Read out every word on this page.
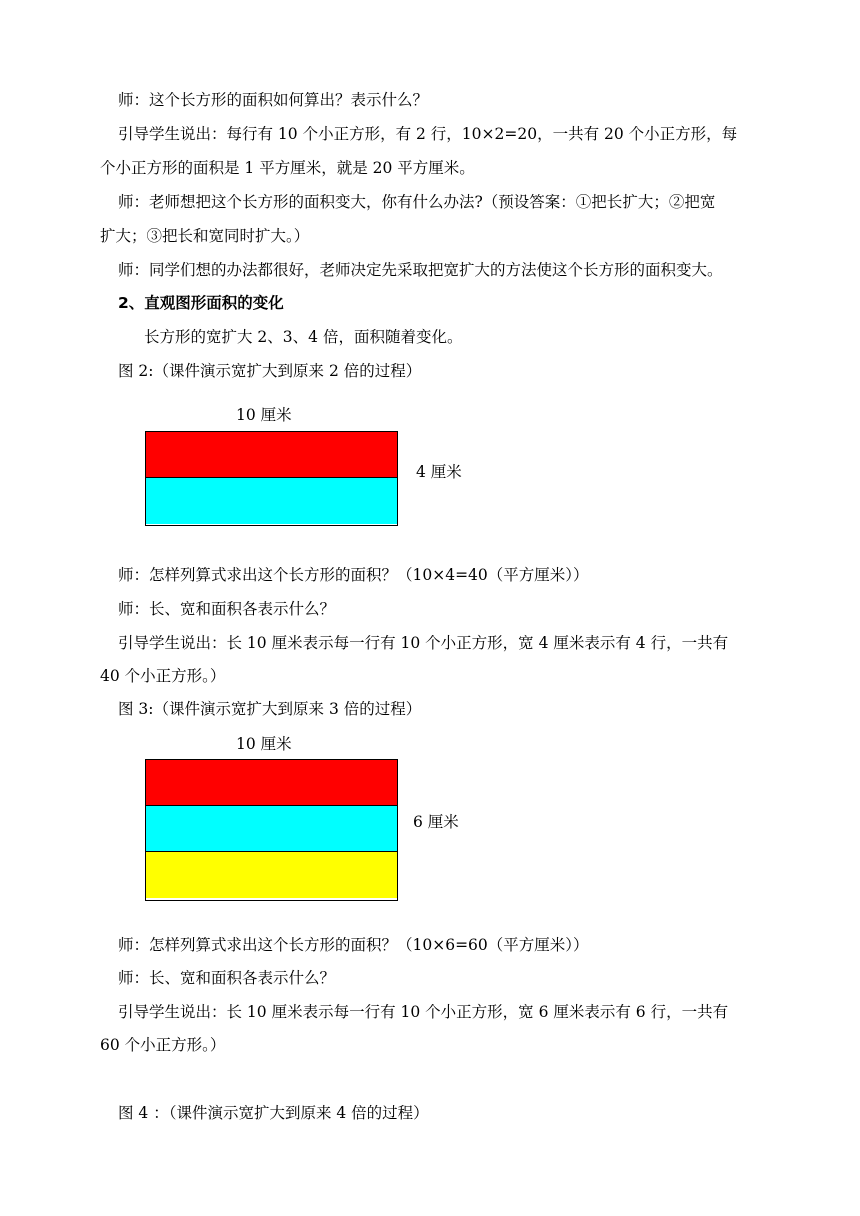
师：这个长方形的面积如何算出？表示什么？
引导学生说出：每行有 10 个小正方形，有 2 行，10×2=20，一共有 20 个小正方形，每
个小正方形的面积是 1 平方厘米，就是 20 平方厘米。
师：老师想把这个长方形的面积变大，你有什么办法?（预设答案：①把长扩大；②把宽
扩大；③把长和宽同时扩大。）
师：同学们想的办法都很好，老师决定先采取把宽扩大的方法使这个长方形的面积变大。
2、直观图形面积的变化
长方形的宽扩大 2、3、4 倍，面积随着变化。
图 2:（课件演示宽扩大到原来 2 倍的过程）
10 厘米
4 厘米
师：怎样列算式求出这个长方形的面积？（10×4=40（平方厘米））
师：长、宽和面积各表示什么？
引导学生说出：长 10 厘米表示每一行有 10 个小正方形，宽 4 厘米表示有 4 行，一共有
40 个小正方形。）
图 3:（课件演示宽扩大到原来 3 倍的过程）
10 厘米
6 厘米
师：怎样列算式求出这个长方形的面积？（10×6=60（平方厘米））
师：长、宽和面积各表示什么？
引导学生说出：长 10 厘米表示每一行有 10 个小正方形，宽 6 厘米表示有 6 行，一共有
60 个小正方形。）
图 4 ：（课件演示宽扩大到原来 4 倍的过程）
